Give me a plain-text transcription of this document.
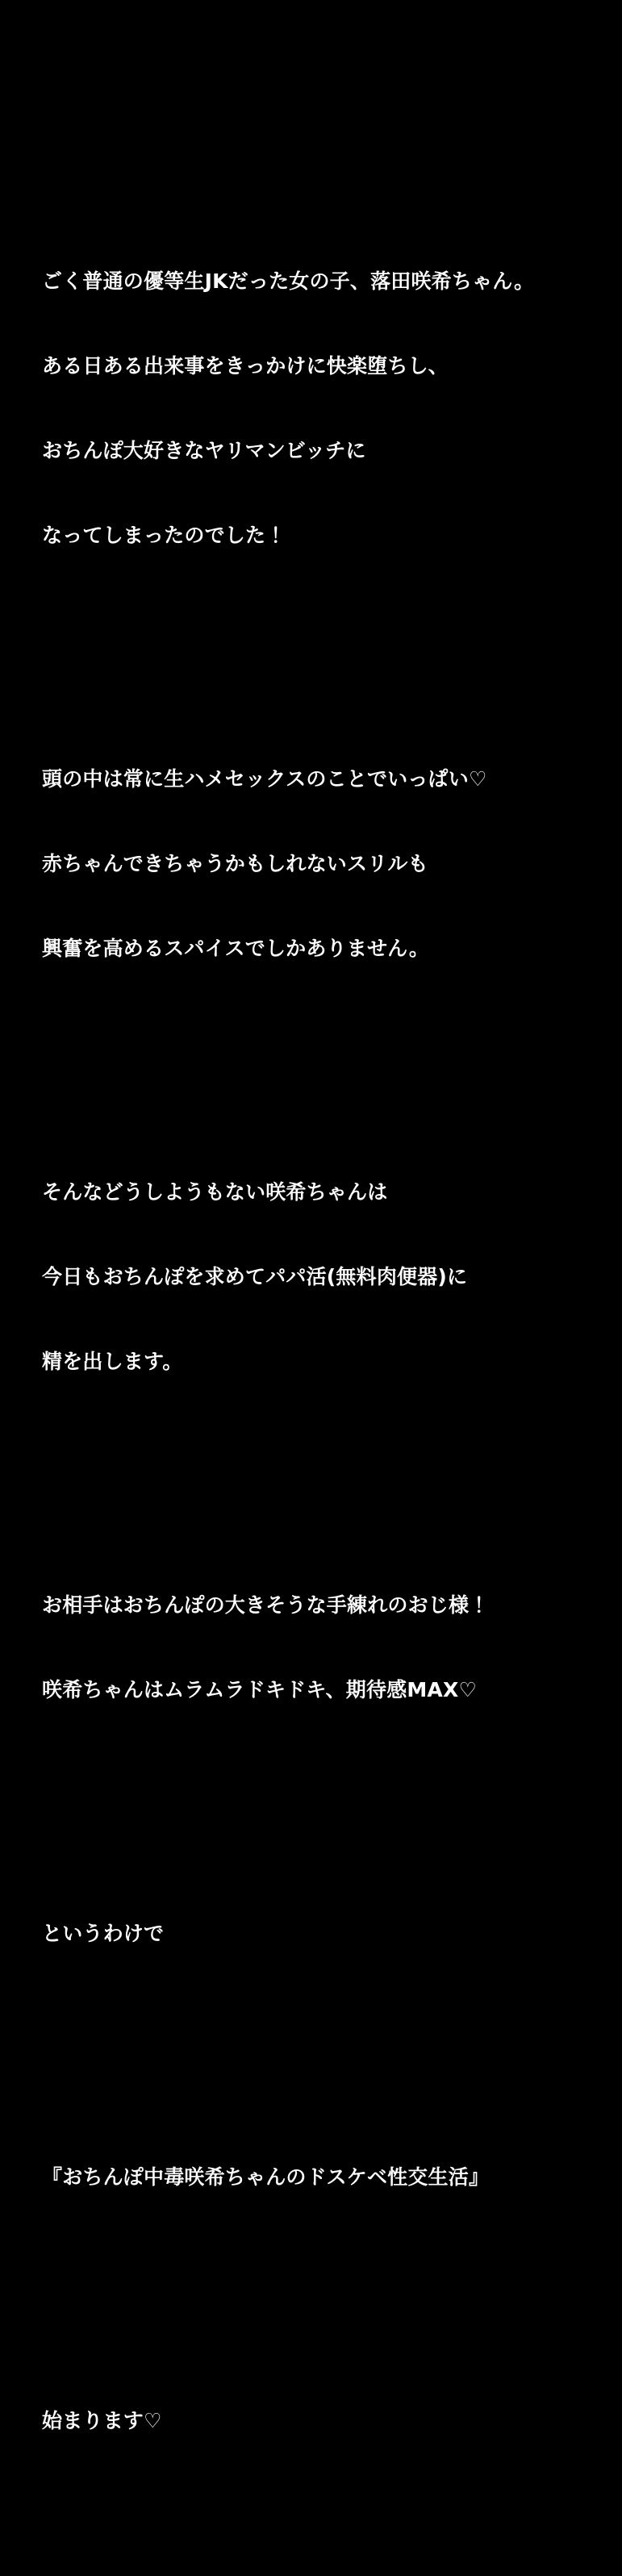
ごく普通の優等生JKだった女の子、落田咲希ちゃん。

ある日ある出来事をきっかけに快楽堕ちし、

おちんぽ大好きなヤリマンビッチに

なってしまったのでした！

頭の中は常に生ハメセックスのことでいっぱい♡

赤ちゃんできちゃうかもしれないスリルも

興奮を高めるスパイスでしかありません。

そんなどうしようもない咲希ちゃんは

今日もおちんぽを求めてパパ活(無料肉便器)に

精を出します。

お相手はおちんぽの大きそうな手練れのおじ様！

咲希ちゃんはムラムラドキドキ、期待感MAX♡

というわけで

『おちんぽ中毒咲希ちゃんのドスケベ性交生活』

始まります♡
